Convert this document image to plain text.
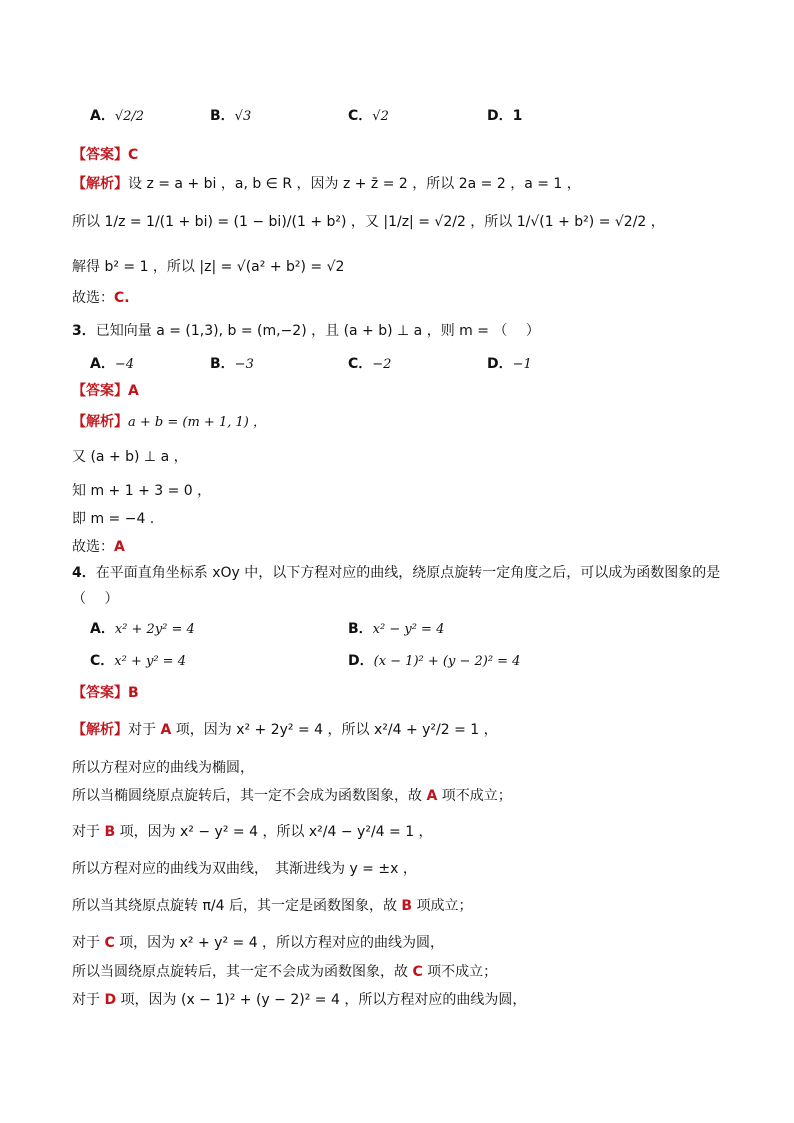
A．√2/2	B．√3	C．√2	D．1
【答案】C
【解析】设 z = a + bi ，a, b ∈ R ，因为 z + z̄ = 2 ，所以 2a = 2 ，a = 1 ，
所以 1/z = 1/(1 + bi) = (1 − bi)/(1 + b²) ，又 |1/z| = √2/2 ，所以 1/√(1 + b²) = √2/2 ，
解得 b² = 1 ，所以 |z| = √(a² + b²) = √2
故选：C.
3．已知向量 a = (1,3), b = (m,−2) ，且 (a + b) ⊥ a ，则 m = （　 ）
A．−4	B．−3	C．−2	D．−1
【答案】A
【解析】a + b = (m + 1, 1) ，
又 (a + b) ⊥ a ，
知 m + 1 + 3 = 0 ，
即 m = −4 .
故选：A
4．在平面直角坐标系 xOy 中，以下方程对应的曲线，绕原点旋转一定角度之后，可以成为函数图象的是
（　 ）
A．x² + 2y² = 4	B．x² − y² = 4
C．x² + y² = 4	D．(x − 1)² + (y − 2)² = 4
【答案】B
【解析】对于 A 项，因为 x² + 2y² = 4 ，所以 x²/4 + y²/2 = 1 ，
所以方程对应的曲线为椭圆，
所以当椭圆绕原点旋转后，其一定不会成为函数图象，故 A 项不成立；
对于 B 项，因为 x² − y² = 4 ，所以 x²/4 − y²/4 = 1 ，
所以方程对应的曲线为双曲线，　其渐进线为 y = ±x ，
所以当其绕原点旋转 π/4 后，其一定是函数图象，故 B 项成立；
对于 C 项，因为 x² + y² = 4 ，所以方程对应的曲线为圆，
所以当圆绕原点旋转后，其一定不会成为函数图象，故 C 项不成立；
对于 D 项，因为 (x − 1)² + (y − 2)² = 4 ，所以方程对应的曲线为圆，
